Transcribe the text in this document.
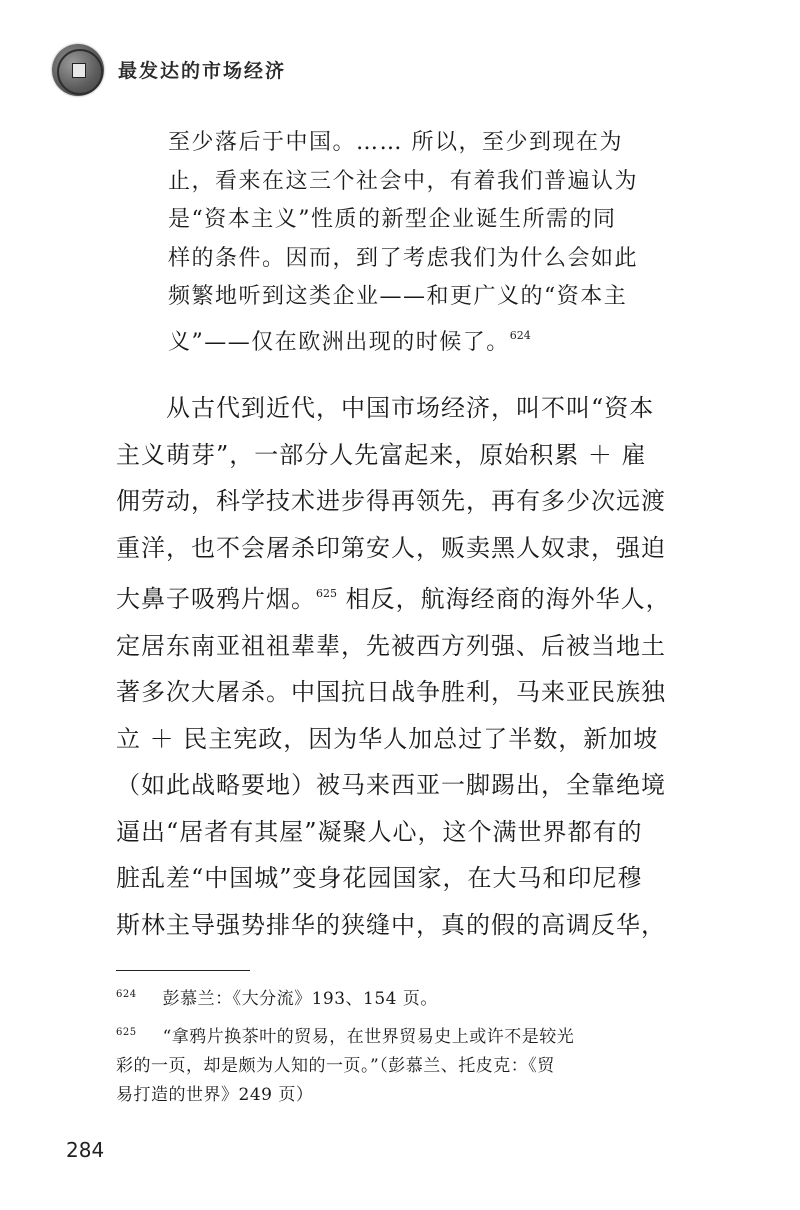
最发达的市场经济
至少落后于中国。…… 所以，至少到现在为
止，看来在这三个社会中，有着我们普遍认为
是“资本主义”性质的新型企业诞生所需的同
样的条件。因而，到了考虑我们为什么会如此
频繁地听到这类企业——和更广义的“资本主
义”——仅在欧洲出现的时候了。$^{624}$
从古代到近代，中国市场经济，叫不叫“资本
主义萌芽”，一部分人先富起来，原始积累 ＋ 雇
佣劳动，科学技术进步得再领先，再有多少次远渡
重洋，也不会屠杀印第安人，贩卖黑人奴隶，强迫
大鼻子吸鸦片烟。$^{625}$ 相反，航海经商的海外华人，
定居东南亚祖祖辈辈，先被西方列强、后被当地土
著多次大屠杀。中国抗日战争胜利，马来亚民族独
立 ＋ 民主宪政，因为华人加总过了半数，新加坡
（如此战略要地）被马来西亚一脚踢出，全靠绝境
逼出“居者有其屋”凝聚人心，这个满世界都有的
脏乱差“中国城”变身花园国家，在大马和印尼穆
斯林主导强势排华的狭缝中，真的假的高调反华，
$^{624}$ 彭慕兰：《大分流》193、154 页。
$^{625}$ “拿鸦片换茶叶的贸易，在世界贸易史上或许不是较光
彩的一页，却是颇为人知的一页。”（彭慕兰、托皮克：《贸
易打造的世界》249 页）
284
